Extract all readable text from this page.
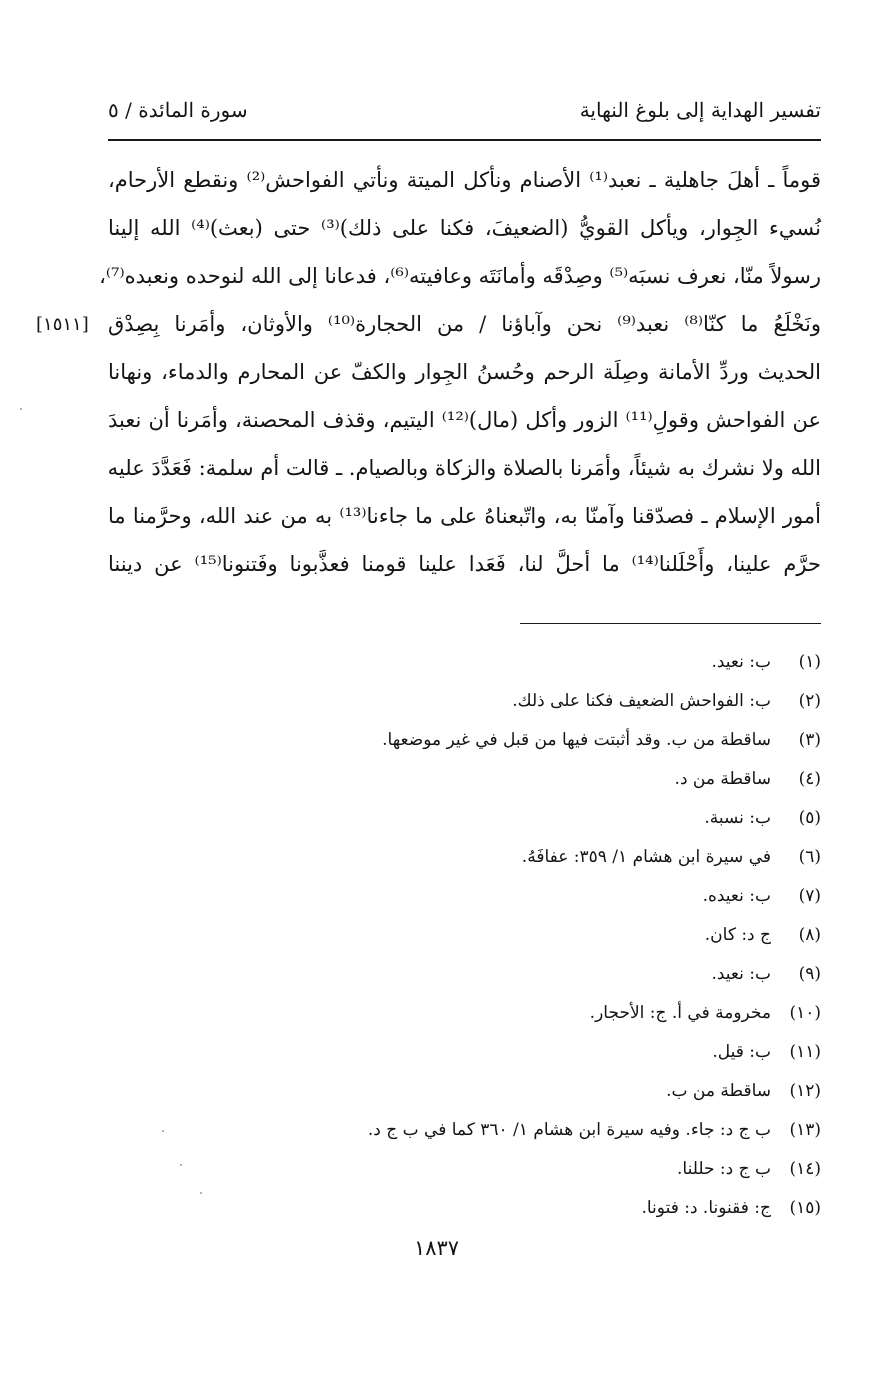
تفسير الهداية إلى بلوغ النهاية
سورة المائدة / ٥
[١٥١١]
قوماً ـ أهلَ جاهلية ـ نعبد⁽¹⁾ الأصنام ونأكل الميتة ونأتي الفواحش⁽²⁾ ونقطع الأرحام،
نُسيء الجِوار، ويأكل القويُّ (الضعيفَ، فكنا على ذلك)⁽³⁾ حتى (بعث)⁽⁴⁾ الله إلينا
رسولاً منّا، نعرف نسبَه⁽⁵⁾ وصِدْقَه وأمانَتَه وعافيته⁽⁶⁾، فدعانا إلى الله لنوحده ونعبده⁽⁷⁾،
ونَخْلَعُ ما كنّا⁽⁸⁾ نعبد⁽⁹⁾ نحن وآباؤنا / من الحجارة⁽¹⁰⁾ والأوثان، وأمَرنا بِصِدْق
الحديث وردِّ الأمانة وصِلَة الرحم وحُسنُ الجِوار والكفّ عن المحارم والدماء، ونهانا
عن الفواحش وقولِ⁽¹¹⁾ الزور وأكل (مال)⁽¹²⁾ اليتيم، وقذف المحصنة، وأمَرنا أن نعبدَ
الله ولا نشرك به شيئاً، وأمَرنا بالصلاة والزكاة وبالصيام. ـ قالت أم سلمة: فَعَدَّدَ عليه
أمور الإسلام ـ فصدّقنا وآمنّا به، واتّبعناهُ على ما جاءنا⁽¹³⁾ به من عند الله، وحرَّمنا ما
حرَّم علينا، وأَحْلَلنا⁽¹⁴⁾ ما أحلَّ لنا، فَعَدا علينا قومنا فعذَّبونا وفَتنونا⁽¹⁵⁾ عن ديننا
(١)ب: نعيد.
(٢)ب: الفواحش الضعيف فكنا على ذلك.
(٣)ساقطة من ب. وقد أثبتت فيها من قبل في غير موضعها.
(٤)ساقطة من د.
(٥)ب: نسبة.
(٦)في سيرة ابن هشام ١/ ٣٥٩: عفافَهُ.
(٧)ب: نعيده.
(٨)ج د: كان.
(٩)ب: نعيد.
(١٠)مخرومة في أ. ج: الأحجار.
(١١)ب: قيل.
(١٢)ساقطة من ب.
(١٣)ب ج د: جاء. وفيه سيرة ابن هشام ١/ ٣٦٠ كما في ب ج د.
(١٤)ب ج د: حللنا.
(١٥)ج: فقنونا. د: فتونا.
١٨٣٧
